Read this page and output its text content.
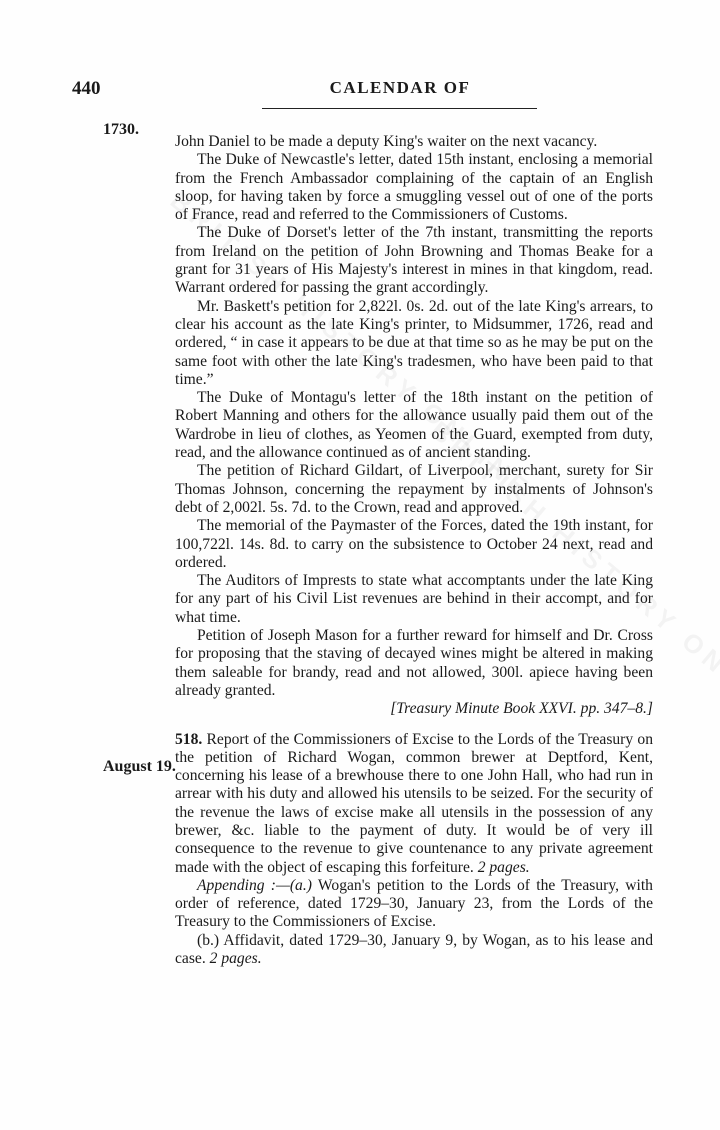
440	CALENDAR OF
1730.
August 19.

John Daniel to be made a deputy King's waiter on the next vacancy.

The Duke of Newcastle's letter, dated 15th instant, enclosing a memorial from the French Ambassador complaining of the captain of an English sloop, for having taken by force a smuggling vessel out of one of the ports of France, read and referred to the Commissioners of Customs.

The Duke of Dorset's letter of the 7th instant, transmitting the reports from Ireland on the petition of John Browning and Thomas Beake for a grant for 31 years of His Majesty's interest in mines in that kingdom, read. Warrant ordered for passing the grant accordingly.

Mr. Baskett's petition for 2,822l. 0s. 2d. out of the late King's arrears, to clear his account as the late King's printer, to Midsummer, 1726, read and ordered, “ in case it appears to be due at that time so as he may be put on the same foot with other the late King's tradesmen, who have been paid to that time.”

The Duke of Montagu's letter of the 18th instant on the petition of Robert Manning and others for the allowance usually paid them out of the Wardrobe in lieu of clothes, as Yeomen of the Guard, exempted from duty, read, and the allowance continued as of ancient standing.

The petition of Richard Gildart, of Liverpool, merchant, surety for Sir Thomas Johnson, concerning the repayment by instalments of Johnson's debt of 2,002l. 5s. 7d. to the Crown, read and approved.

The memorial of the Paymaster of the Forces, dated the 19th instant, for 100,722l. 14s. 8d. to carry on the subsistence to October 24 next, read and ordered.

The Auditors of Imprests to state what accomptants under the late King for any part of his Civil List revenues are behind in their accompt, and for what time.

Petition of Joseph Mason for a further reward for himself and Dr. Cross for proposing that the staving of decayed wines might be altered in making them saleable for brandy, read and not allowed, 300l. apiece having been already granted.

[Treasury Minute Book XXVI. pp. 347–8.]

518. Report of the Commissioners of Excise to the Lords of the Treasury on the petition of Richard Wogan, common brewer at Deptford, Kent, concerning his lease of a brewhouse there to one John Hall, who had run in arrear with his duty and allowed his utensils to be seized. For the security of the revenue the laws of excise make all utensils in the possession of any brewer, &c. liable to the payment of duty. It would be of very ill consequence to the revenue to give countenance to any private agreement made with the object of escaping this forfeiture. 2 pages.

Appending :—(a.) Wogan's petition to the Lords of the Treasury, with order of reference, dated 1729–30, January 23, from the Lords of the Treasury to the Commissioners of Excise.

(b.) Affidavit, dated 1729–30, January 9, by Wogan, as to his lease and case. 2 pages.
